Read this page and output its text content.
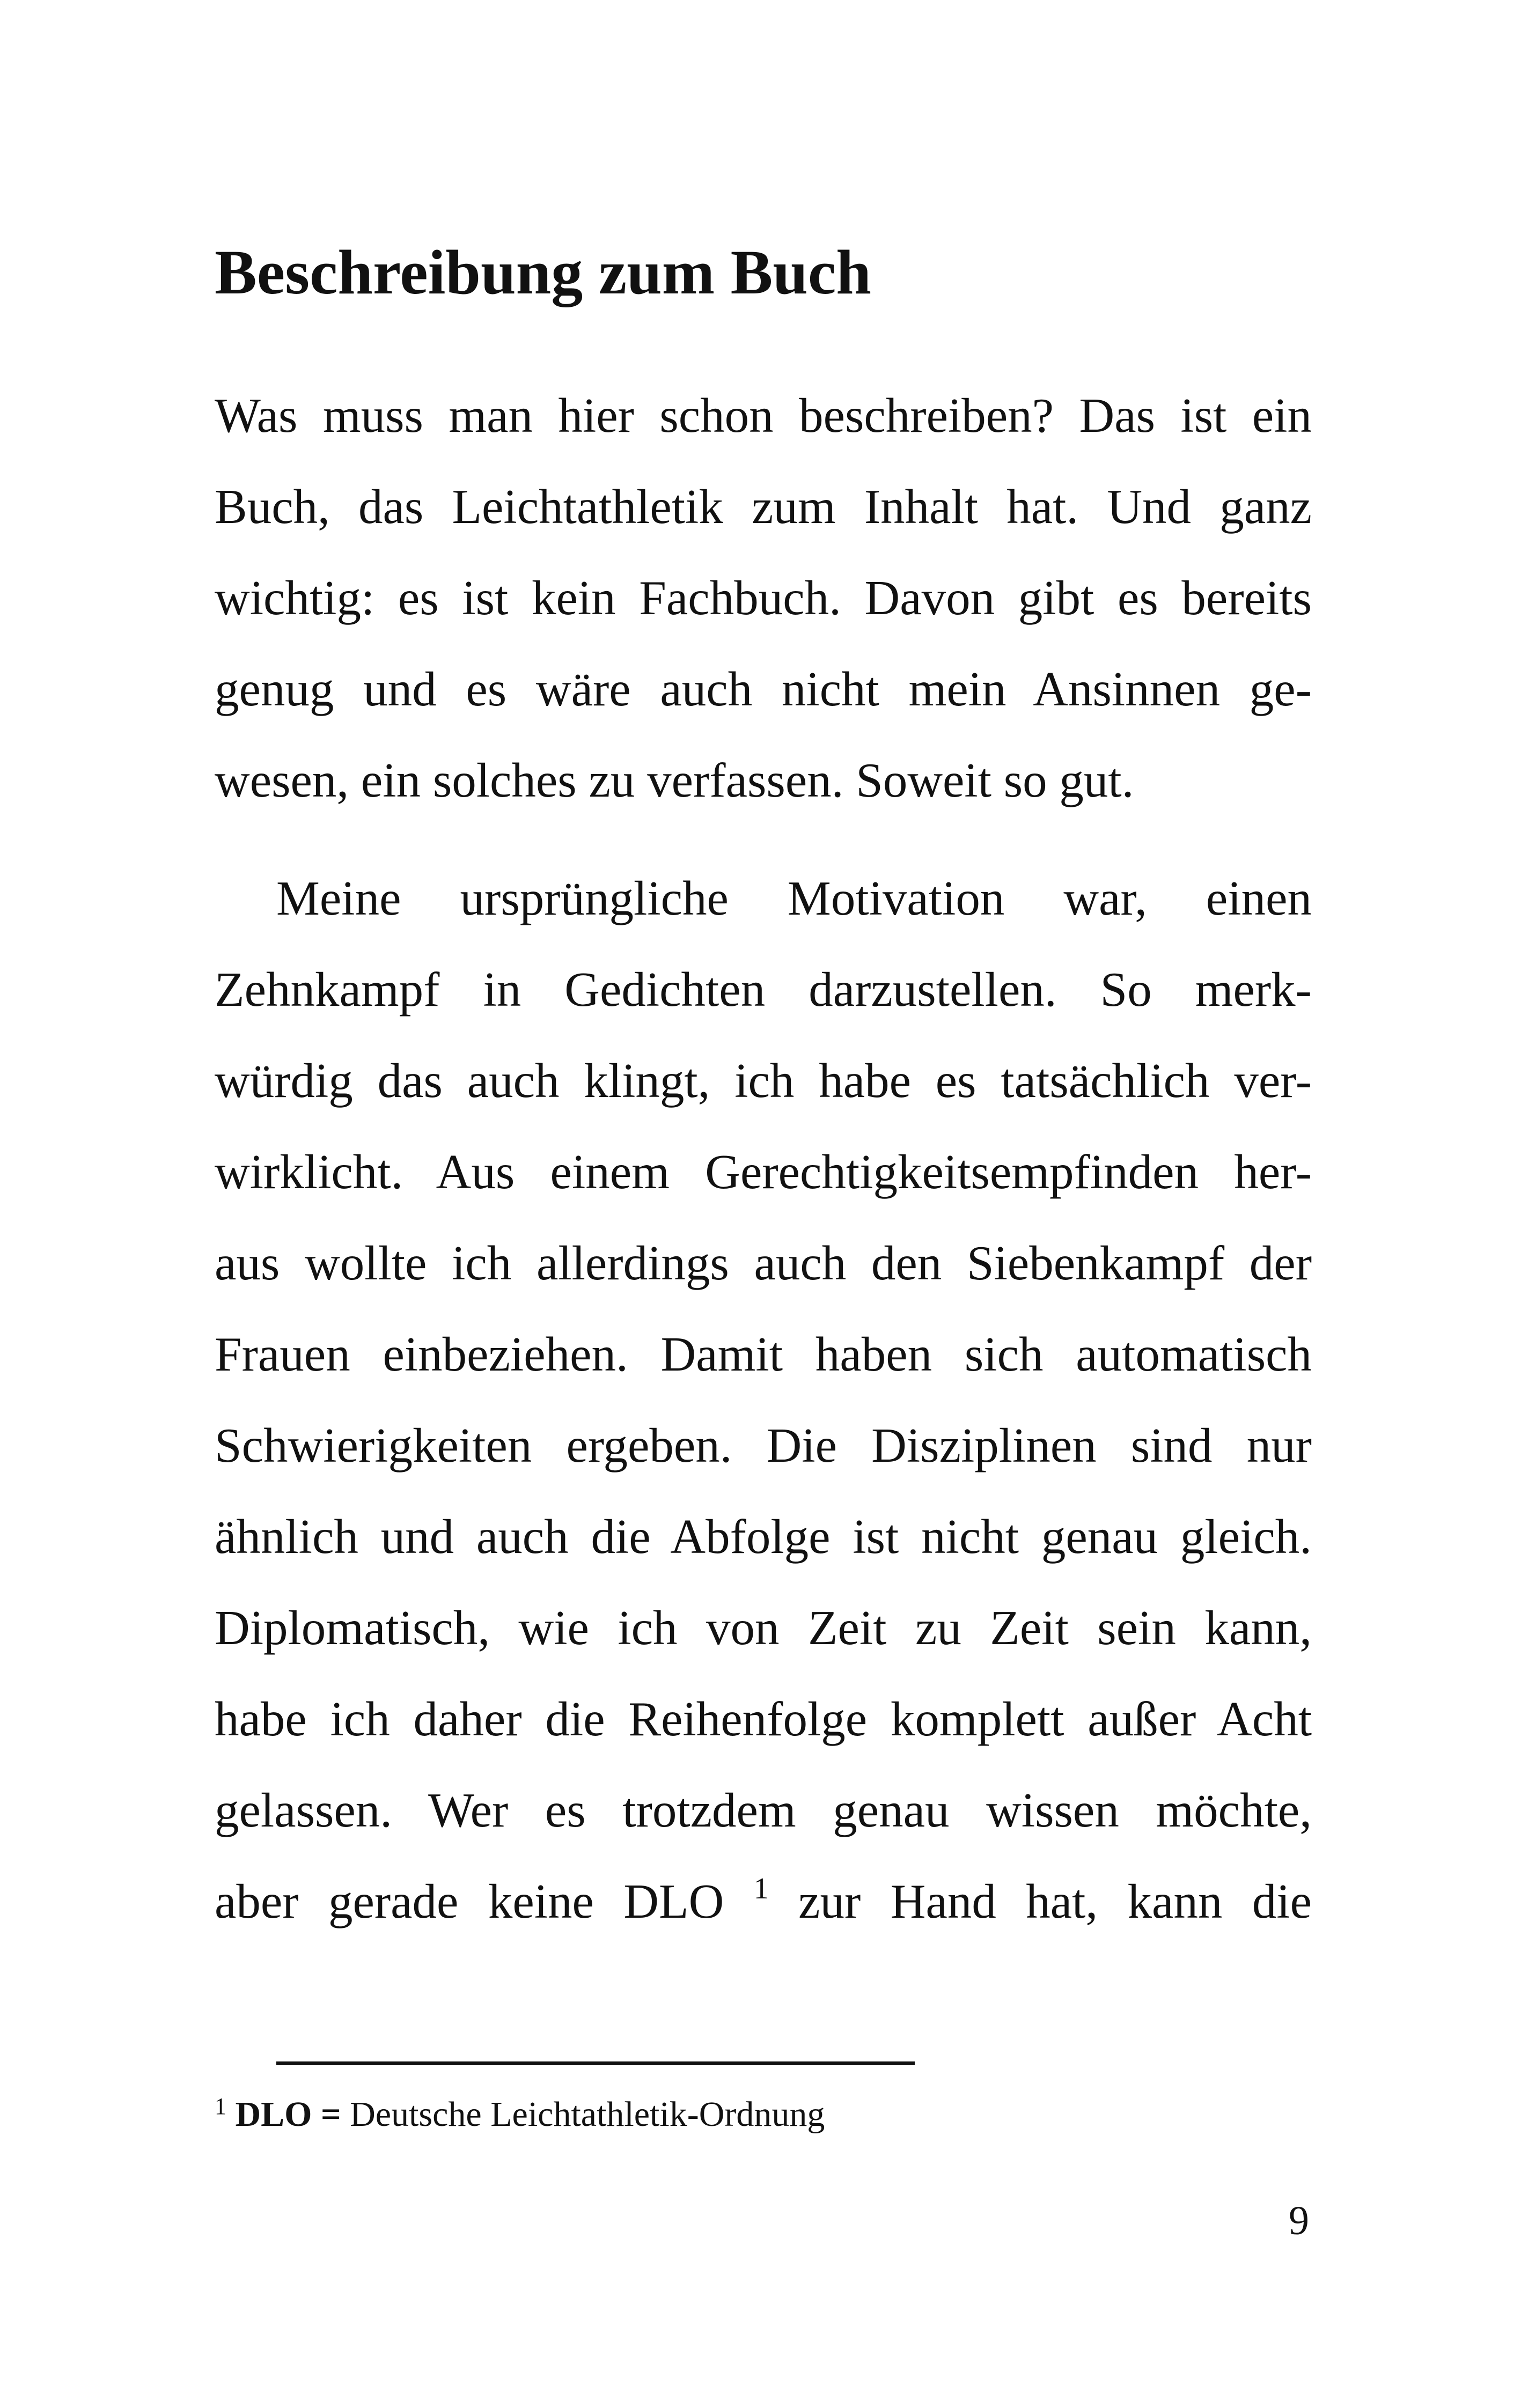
Beschreibung zum Buch
Was muss man hier schon beschreiben? Das ist ein
Buch, das Leichtathletik zum Inhalt hat. Und ganz
wichtig: es ist kein Fachbuch. Davon gibt es bereits
genug und es wäre auch nicht mein Ansinnen ge-
wesen, ein solches zu verfassen. Soweit so gut.
Meine ursprüngliche Motivation war, einen
Zehnkampf in Gedichten darzustellen. So merk-
würdig das auch klingt, ich habe es tatsächlich ver-
wirklicht. Aus einem Gerechtigkeitsempfinden her-
aus wollte ich allerdings auch den Siebenkampf der
Frauen einbeziehen. Damit haben sich automatisch
Schwierigkeiten ergeben. Die Disziplinen sind nur
ähnlich und auch die Abfolge ist nicht genau gleich.
Diplomatisch, wie ich von Zeit zu Zeit sein kann,
habe ich daher die Reihenfolge komplett außer Acht
gelassen. Wer es trotzdem genau wissen möchte,
aber gerade keine DLO $^1$ zur Hand hat, kann die
$^1$ DLO = Deutsche Leichtathletik-Ordnung
9
